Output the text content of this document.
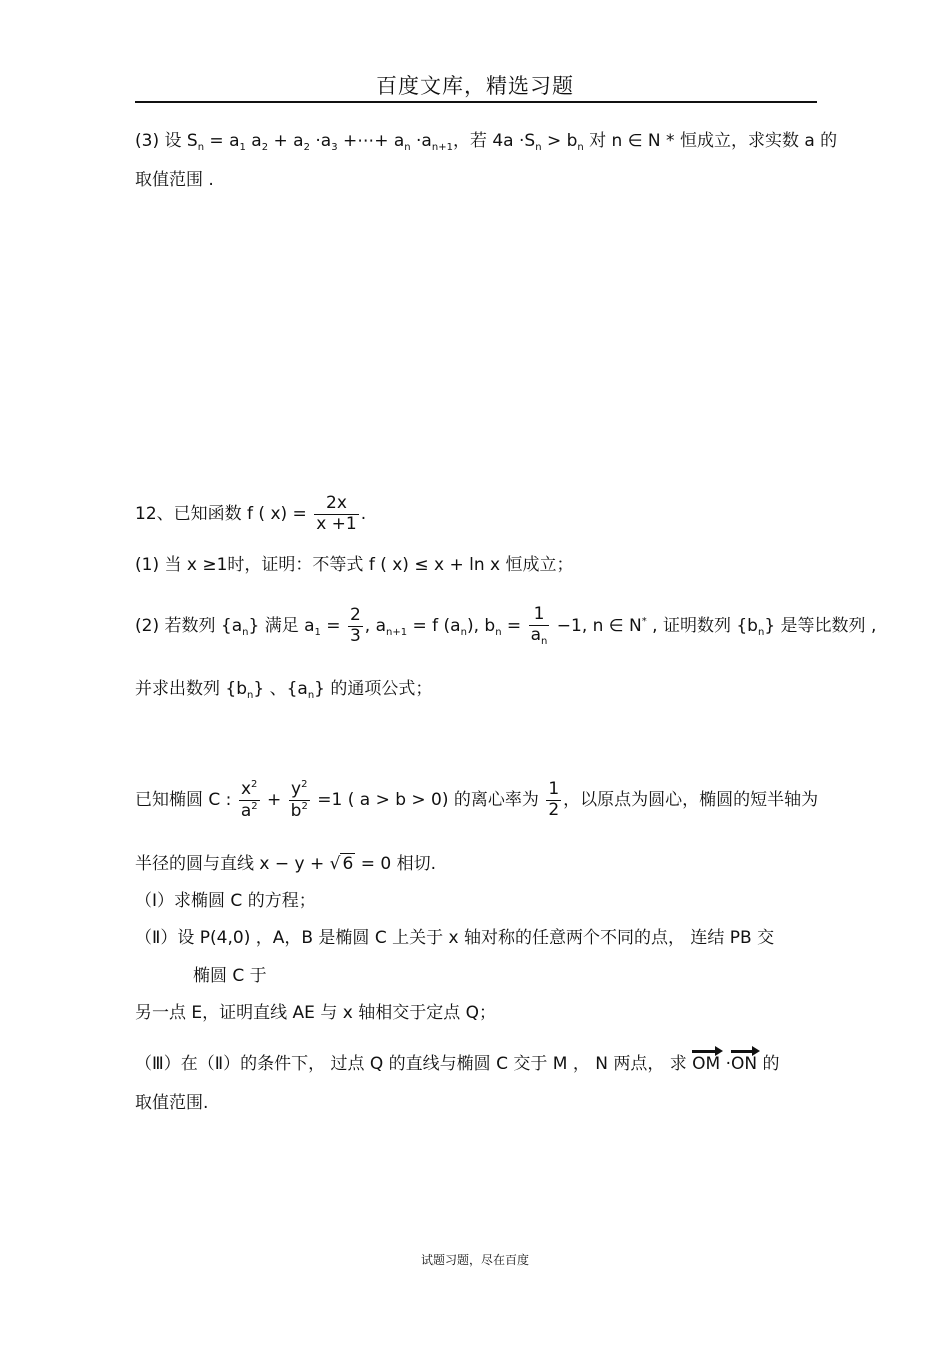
百度文库，精选习题
(3) 设 $S_n = a_1$ $a_2 + a_2 \cdot a_3$ +⋯+ $a_n \cdot a_{n+1}$，若 $4a \cdot S_n > b_n$ 对 n ∈ N * 恒成立，求实数 a 的
取值范围 .
12、已知函数 f ( $x) = \frac{2x}{x +1}$ .
(1) 当 x ≥1时，证明：不等式 f ( x) ≤ x + ln x 恒成立；
(2) 若数列 $\{a_n\}$ 满足 $a_1 = \frac{2}{3}$ , $a_{n+1} = f$ $(a_n)$, $b_n = \frac{1}{a_n} -1$, n ∈ N* , 证明数列 $\{b_n\}$ 是等比数列 ,
并求出数列 $\{b_n\}$ 、$\{a_n\}$ 的通项公式；
已知椭圆 C : $\frac{x^2}{a^2} + \frac{y^2}{b^2} =1$ ( a > b > 0) 的离心率为 $\frac{1}{2}$ ，以原点为圆心，椭圆的短半轴为
半径的圆与直线 x − y + √ 6 = 0 相切.
（Ⅰ）求椭圆 C 的方程；
（Ⅱ）设 P(4,0) ，A，B 是椭圆 C 上关于 x 轴对称的任意两个不同的点， 连结 PB 交
椭圆 C 于
另一点 E，证明直线 AE 与 x 轴相交于定点 Q；
（Ⅲ）在（Ⅱ）的条件下， 过点 Q 的直线与椭圆 C 交于 M ， N 两点， 求 OM ·ON 的
取值范围.
试题习题，尽在百度
